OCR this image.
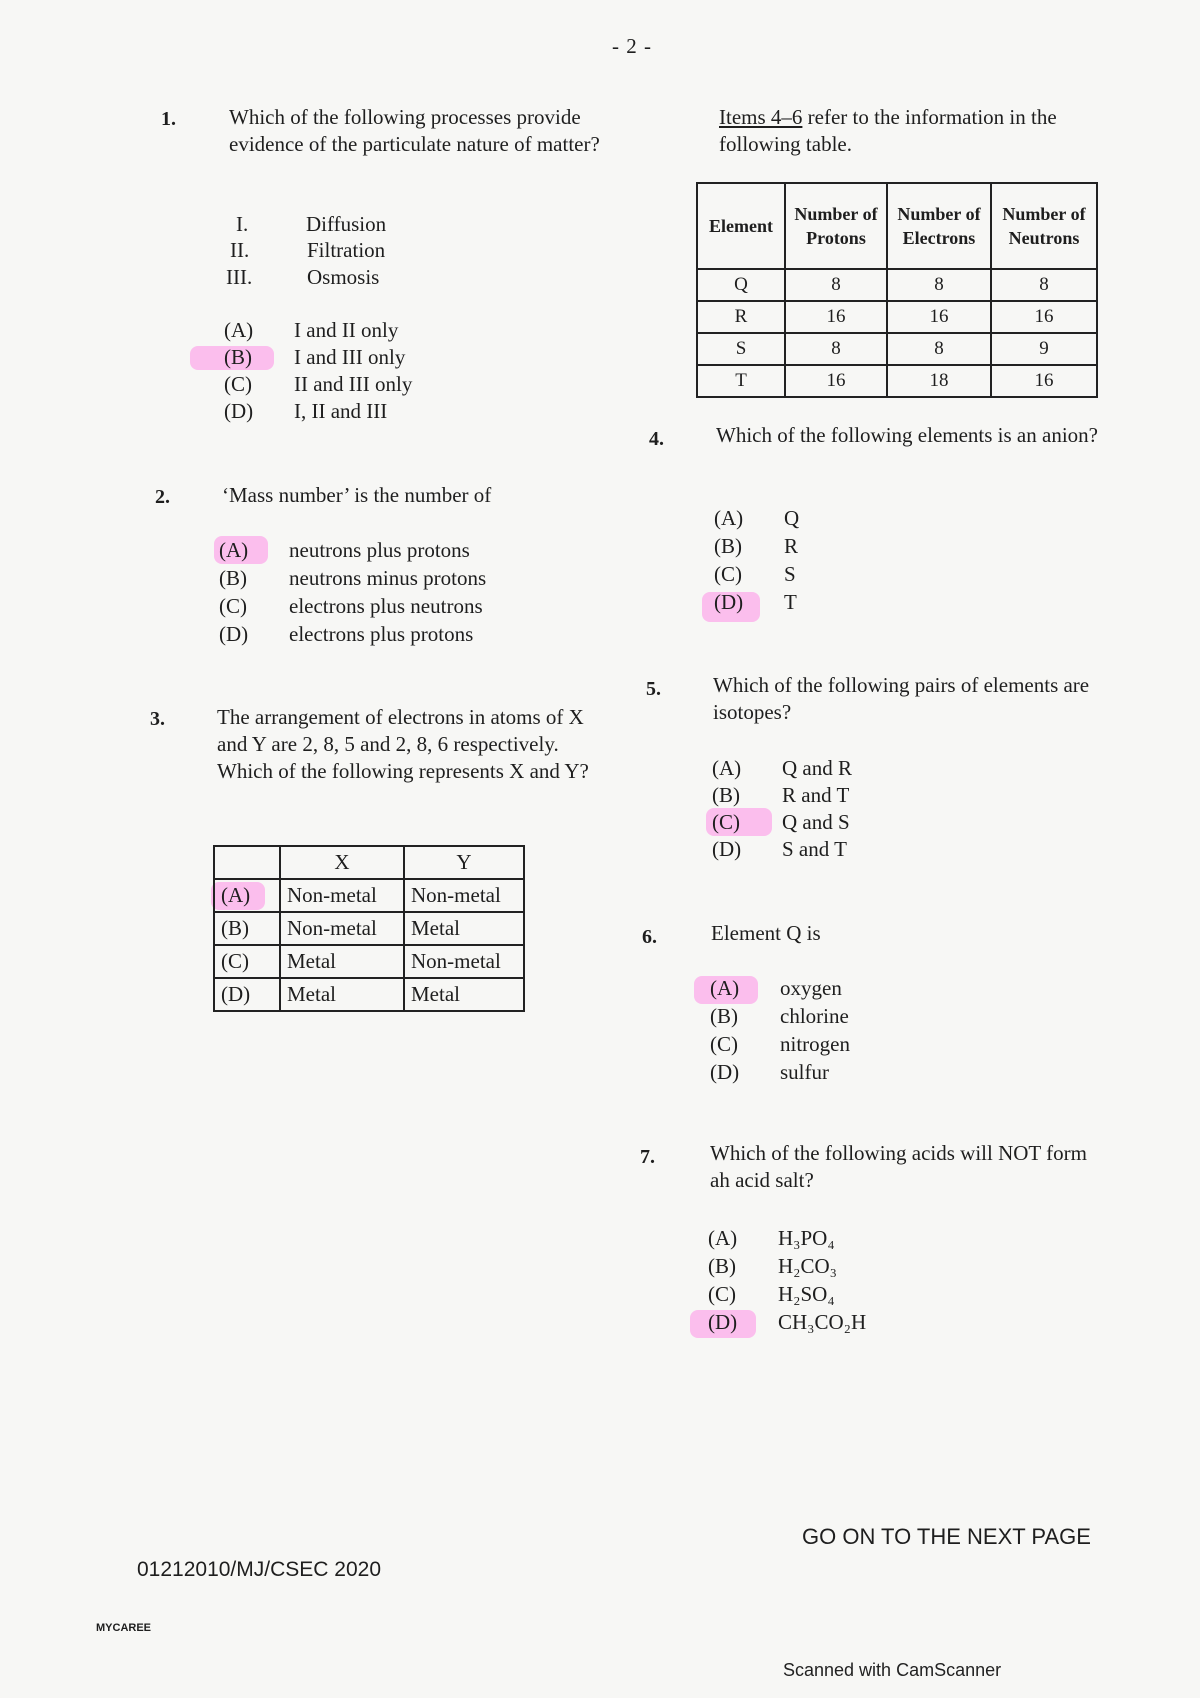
- 2 -
1.	Which of the following processes provide evidence of the particulate nature of matter?
I.	Diffusion
II.	Filtration
III.	Osmosis
(A) I and II only
(B) I and III only
(C) II and III only
(D) I, II and III
2. ‘Mass number’ is the number of
(A) neutrons plus protons
(B) neutrons minus protons
(C) electrons plus neutrons
(D) electrons plus protons
3. The arrangement of electrons in atoms of X and Y are 2, 8, 5 and 2, 8, 6 respectively. Which of the following represents X and Y?
	X	Y
(A)	Non-metal	Non-metal
(B)	Non-metal	Metal
(C)	Metal	Non-metal
(D)	Metal	Metal
Items 4–6 refer to the information in the following table.
Element	Number of Protons	Number of Electrons	Number of Neutrons
Q	8	8	8
R	16	16	16
S	8	8	9
T	16	18	16
4. Which of the following elements is an anion?
(A) Q
(B) R
(C) S
(D) T
5. Which of the following pairs of elements are isotopes?
(A) Q and R
(B) R and T
(C) Q and S
(D) S and T
6.	Element Q is
(A) oxygen
(B) chlorine
(C) nitrogen
(D) sulfur
7.	Which of the following acids will NOT form ah acid salt?
(A) H₃PO₄
(B) H₂CO₃
(C) H₂SO₄
(D) CH₃CO₂H
GO ON TO THE NEXT PAGE
01212010/MJ/CSEC 2020
MYCAREE
Scanned with CamScanner
